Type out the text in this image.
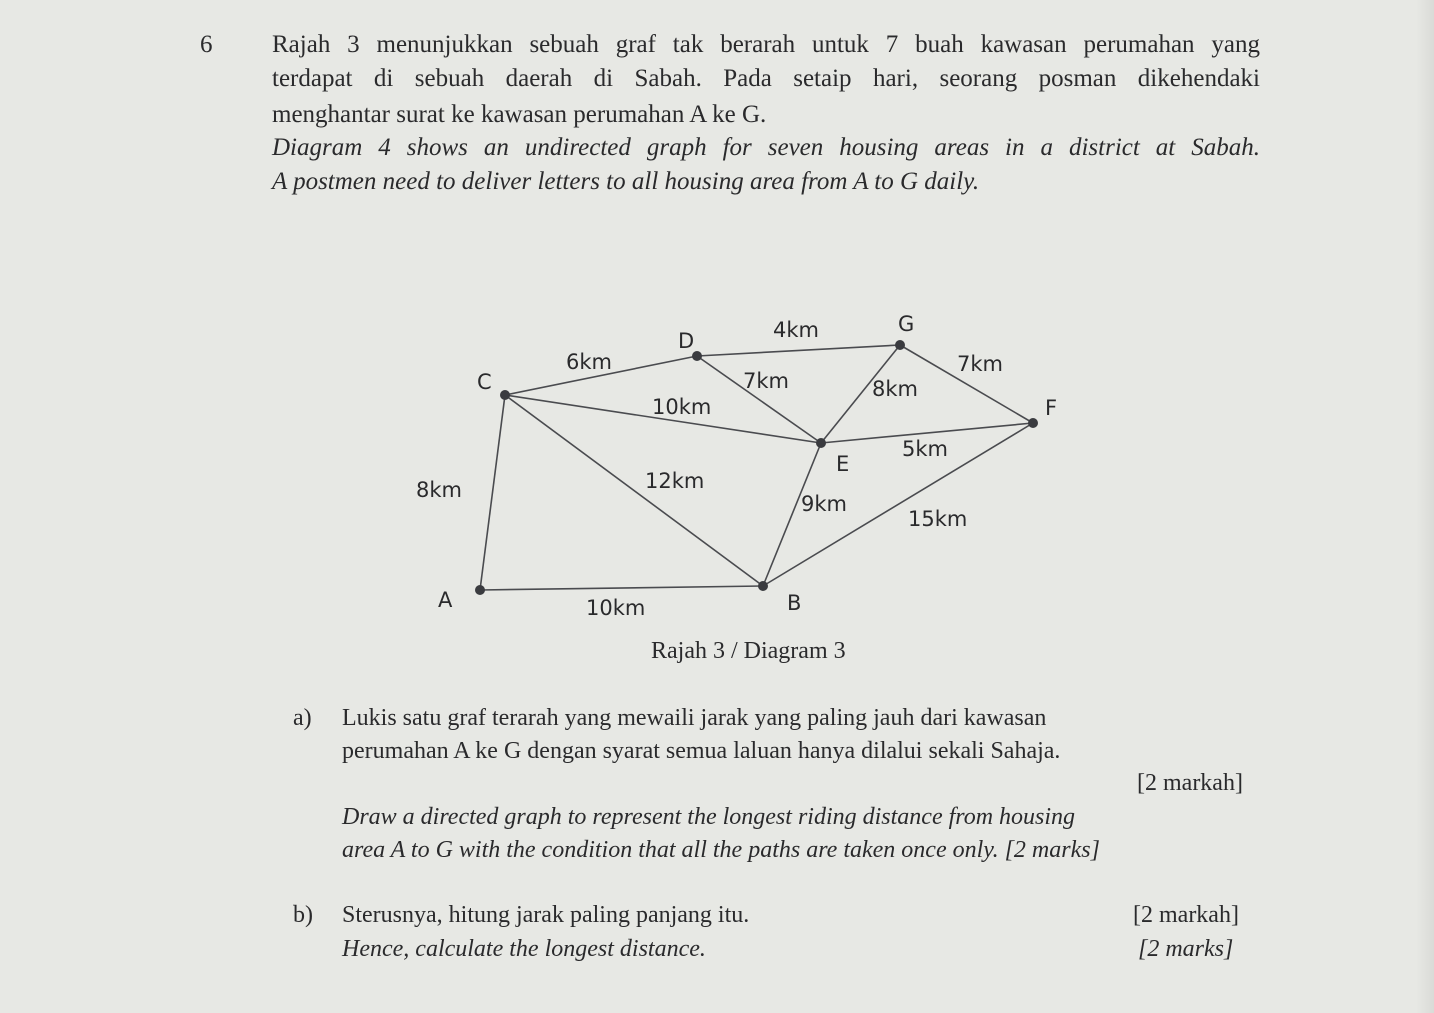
6 Rajah 3 menunjukkan sebuah graf tak berarah untuk 7 buah kawasan perumahan yang
terdapat di sebuah daerah di Sabah. Pada setaip hari, seorang posman dikehendaki
menghantar surat ke kawasan perumahan A ke G.
Diagram 4 shows an undirected graph for seven housing areas in a district at Sabah.
A postmen need to deliver letters to all housing area from A to G daily.
A	B
C
D
E
F
G
6km
4km
7km
7km	8km
10km
5km
8km	12km
9km
15km
10km
Rajah 3 / Diagram 3
a) Lukis satu graf terarah yang mewaili jarak yang paling jauh dari kawasan
perumahan A ke G dengan syarat semua laluan hanya dilalui sekali Sahaja.
[2 markah]
Draw a directed graph to represent the longest riding distance from housing
area A to G with the condition that all the paths are taken once only. [2 marks]
b) Sterusnya, hitung jarak paling panjang itu.	[2 markah]
Hence, calculate the longest distance.	[2 marks]
